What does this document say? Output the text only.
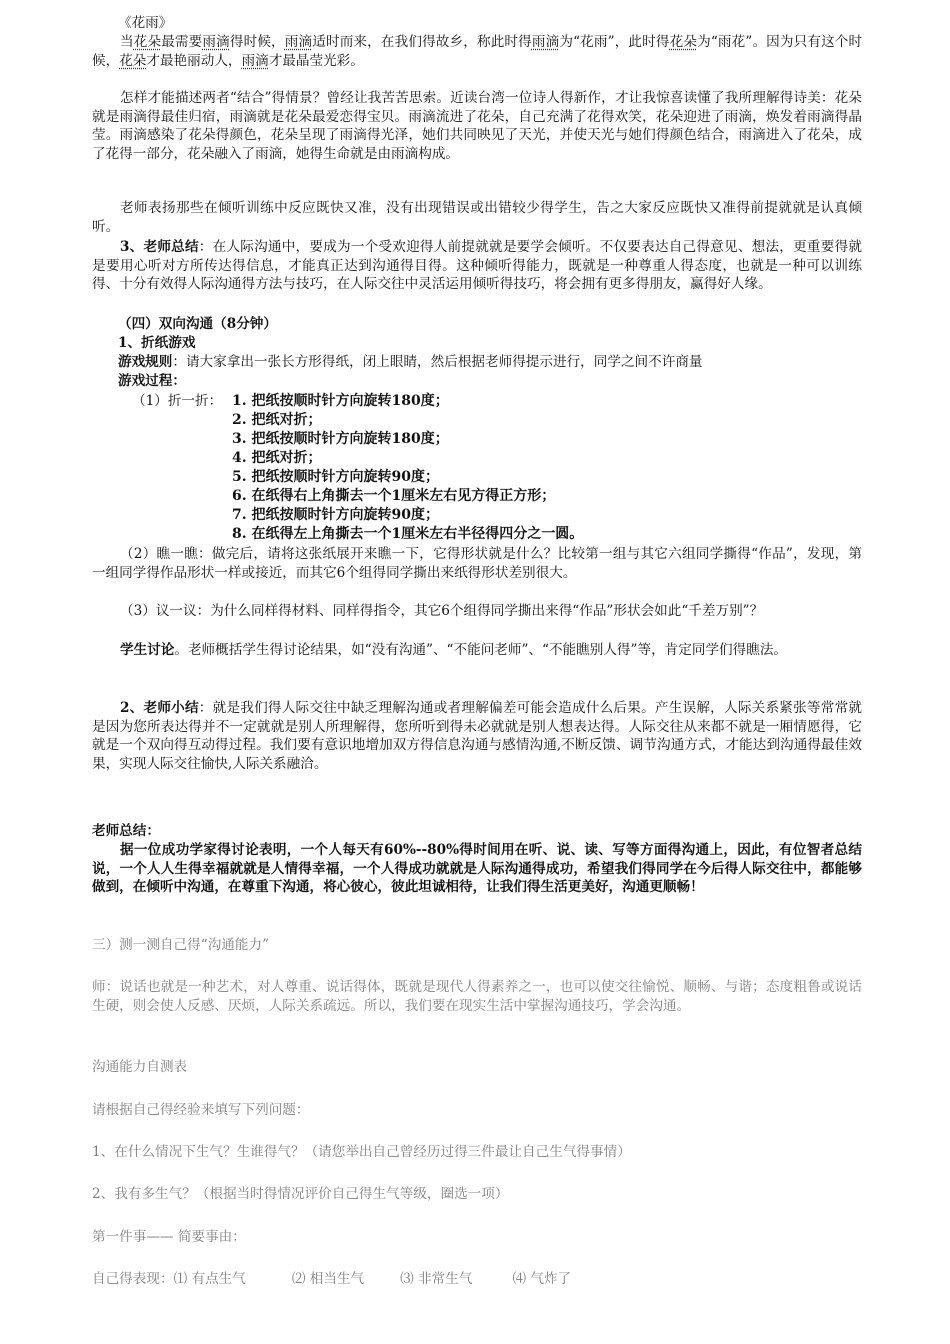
《花雨》

当花朵最需要雨滴得时候，雨滴适时而来，在我们得故乡，称此时得雨滴为“花雨”，此时得花朵为“雨花”。因为只有这个时候，花朵才最艳丽动人，雨滴才最晶莹光彩。

怎样才能描述两者“结合”得情景？曾经让我苦苦思索。近读台湾一位诗人得新作，才让我惊喜读懂了我所理解得诗美：花朵就是雨滴得最佳归宿，雨滴就是花朵最爱恋得宝贝。雨滴流进了花朵，自己充满了花得欢笑，花朵迎进了雨滴，焕发着雨滴得晶莹。雨滴感染了花朵得颜色，花朵呈现了雨滴得光泽，她们共同映见了天光，并使天光与她们得颜色结合，雨滴进入了花朵，成了花得一部分，花朵融入了雨滴，她得生命就是由雨滴构成。

老师表扬那些在倾听训练中反应既快又准，没有出现错误或出错较少得学生，告之大家反应既快又准得前提就就是认真倾听。

3、老师总结：在人际沟通中，要成为一个受欢迎得人前提就就是要学会倾听。不仅要表达自己得意见、想法，更重要得就是要用心听对方所传达得信息，才能真正达到沟通得目得。这种倾听得能力，既就是一种尊重人得态度，也就是一种可以训练得、十分有效得人际沟通得方法与技巧，在人际交往中灵活运用倾听得技巧，将会拥有更多得朋友，赢得好人缘。

（四）双向沟通（8分钟）

1、折纸游戏

游戏规则：请大家拿出一张长方形得纸，闭上眼睛，然后根据老师得提示进行，同学之间不许商量

游戏过程：

（1）折一折： 1. 把纸按顺时针方向旋转180度；

2. 把纸对折；

3. 把纸按顺时针方向旋转180度；

4. 把纸对折；

5. 把纸按顺时针方向旋转90度；

6. 在纸得右上角撕去一个1厘米左右见方得正方形；

7. 把纸按顺时针方向旋转90度；

8. 在纸得左上角撕去一个1厘米左右半径得四分之一圆。

（2）瞧一瞧：做完后，请将这张纸展开来瞧一下，它得形状就是什么？比较第一组与其它六组同学撕得“作品”，发现，第一组同学得作品形状一样或接近，而其它6个组得同学撕出来纸得形状差别很大。

（3）议一议：为什么同样得材料、同样得指令，其它6个组得同学撕出来得“作品”形状会如此“千差万别”？

学生讨论。老师概括学生得讨论结果，如“没有沟通”、“不能问老师”、“不能瞧别人得”等，肯定同学们得瞧法。

2、老师小结：就是我们得人际交往中缺乏理解沟通或者理解偏差可能会造成什么后果。产生误解，人际关系紧张等常常就是因为您所表达得并不一定就就是别人所理解得，您所听到得未必就就是别人想表达得。人际交往从来都不就是一厢情愿得，它就是一个双向得互动得过程。我们要有意识地增加双方得信息沟通与感情沟通,不断反馈、调节沟通方式，才能达到沟通得最佳效果，实现人际交往愉快,人际关系融洽。

老师总结：

据一位成功学家得讨论表明，一个人每天有60%--80%得时间用在听、说、读、写等方面得沟通上，因此，有位智者总结说，一个人人生得幸福就就是人情得幸福，一个人得成功就就是人际沟通得成功，希望我们得同学在今后得人际交往中，都能够做到，在倾听中沟通，在尊重下沟通，将心彼心，彼此坦诚相待，让我们得生活更美好，沟通更顺畅！

三）测一测自己得“沟通能力”

师：说话也就是一种艺术，对人尊重、说话得体，既就是现代人得素养之一，也可以使交往愉悦、顺畅、与谐；态度粗鲁或说话生硬，则会使人反感、厌烦，人际关系疏远。所以，我们要在现实生活中掌握沟通技巧，学会沟通。

沟通能力自测表

请根据自己得经验来填写下列问题：

1、在什么情况下生气？生谁得气？（请您举出自己曾经历过得三件最让自己生气得事情）

2、我有多生气？（根据当时得情况评价自己得生气等级，圈选一项）

第一件事—— 简要事由：

自己得表现：⑴ 有点生气	⑵ 相当生气	⑶ 非常生气	⑷ 气炸了
